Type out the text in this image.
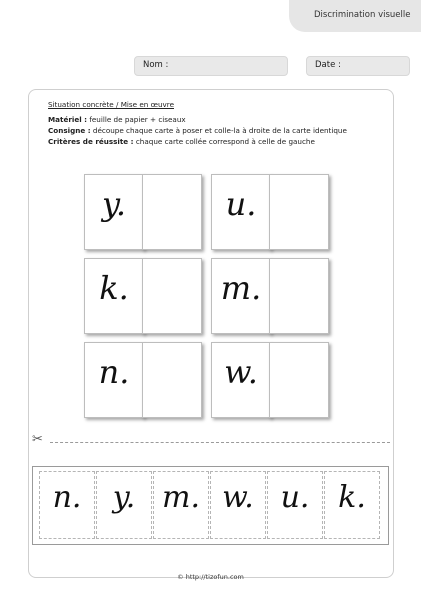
Discrimination visuelle
Nom :	Date :
Situation concrète / Mise en œuvre
Matériel : feuille de papier + ciseaux
Consigne : découpe chaque carte à poser et colle-la à droite de la carte identique
Critères de réussite : chaque carte collée correspond à celle de gauche
y.	u.
k.	m.
n.	w.
✂
n.	y. m. w. u. k.
© http://tizofun.com
